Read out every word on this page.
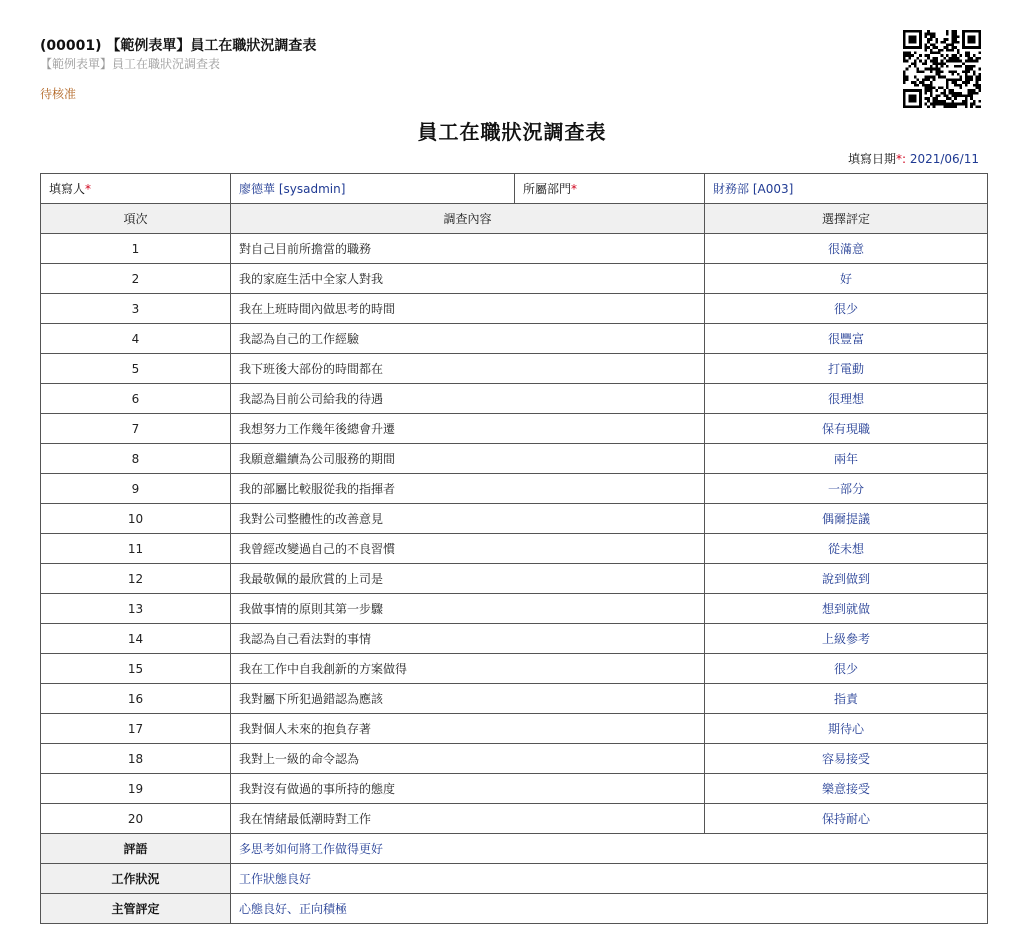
(00001) 【範例表單】員工在職狀況調查表
【範例表單】員工在職狀況調查表
待核准
員工在職狀況調查表
填寫日期*: 2021/06/11
填寫人*	廖德華 [sysadmin]	所屬部門*	財務部 [A003]
項次	調查內容		選擇評定
1	對自己目前所擔當的職務		很滿意
2	我的家庭生活中全家人對我		好
3	我在上班時間內做思考的時間		很少
4	我認為自己的工作經驗		很豐富
5	我下班後大部份的時間都在		打電動
6	我認為目前公司給我的待遇		很理想
7	我想努力工作幾年後總會升遷		保有現職
8	我願意繼續為公司服務的期間		兩年
9	我的部屬比較服從我的指揮者		一部分
10	我對公司整體性的改善意見		偶爾提議
11	我曾經改變過自己的不良習慣		從未想
12	我最敬佩的最欣賞的上司是		說到做到
13	我做事情的原則其第一步驟		想到就做
14	我認為自己看法對的事情		上級參考
15	我在工作中自我創新的方案做得		很少
16	我對屬下所犯過錯認為應該		指責
17	我對個人未來的抱負存著		期待心
18	我對上一級的命令認為		容易接受
19	我對沒有做過的事所持的態度		樂意接受
20	我在情緒最低潮時對工作		保持耐心
評語	多思考如何將工作做得更好		
工作狀況	工作狀態良好		
主管評定	心態良好、正向積極		
